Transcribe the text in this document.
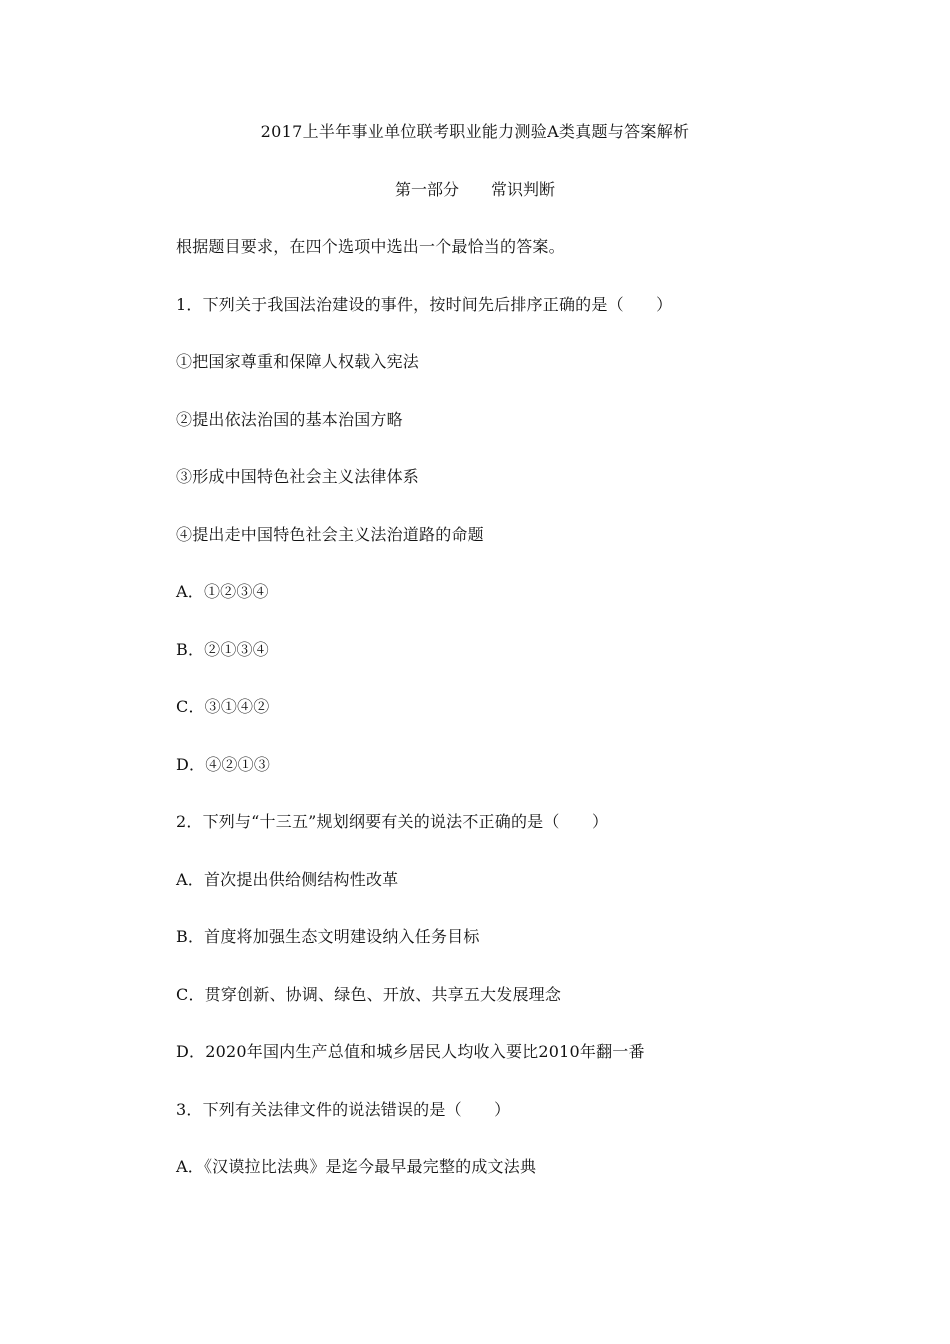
2017上半年事业单位联考职业能力测验A类真题与答案解析
第一部分　　常识判断
根据题目要求，在四个选项中选出一个最恰当的答案。
1．下列关于我国法治建设的事件，按时间先后排序正确的是（　　）
①把国家尊重和保障人权载入宪法
②提出依法治国的基本治国方略
③形成中国特色社会主义法律体系
④提出走中国特色社会主义法治道路的命题
A．①②③④
B．②①③④
C．③①④②
D．④②①③
2．下列与“十三五”规划纲要有关的说法不正确的是（　　）
A．首次提出供给侧结构性改革
B．首度将加强生态文明建设纳入任务目标
C．贯穿创新、协调、绿色、开放、共享五大发展理念
D．2020年国内生产总值和城乡居民人均收入要比2010年翻一番
3．下列有关法律文件的说法错误的是（　　）
A．《汉谟拉比法典》是迄今最早最完整的成文法典
